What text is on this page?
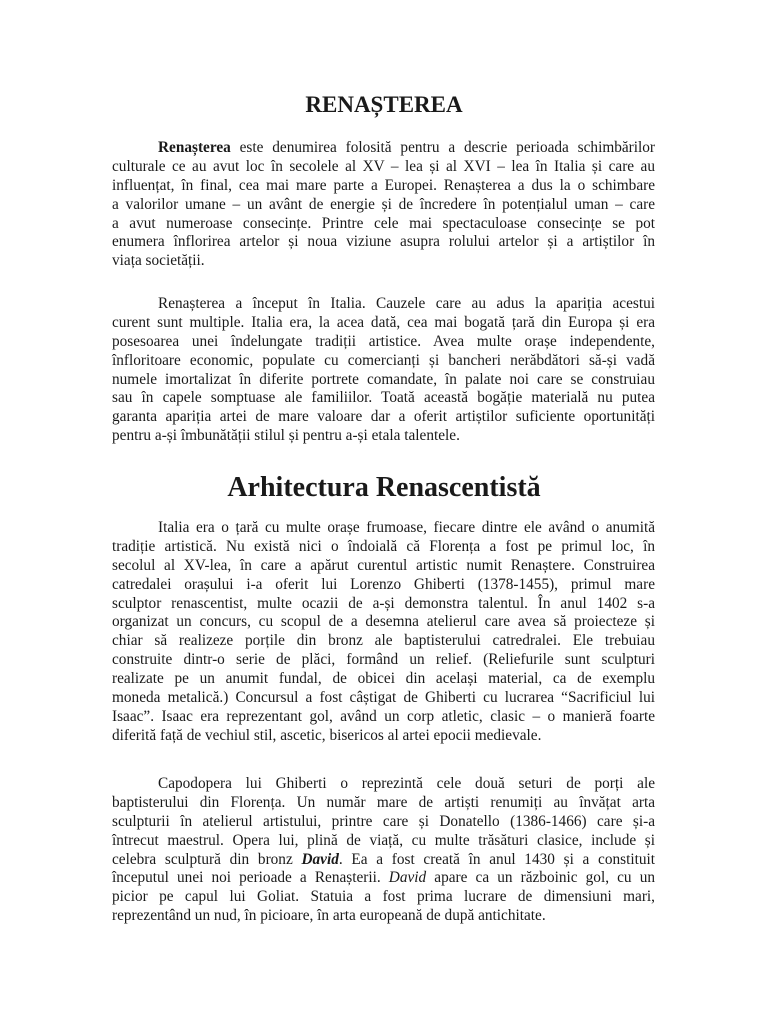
RENAȘTEREA

Renașterea este denumirea folosită pentru a descrie perioada schimbărilor
culturale ce au avut loc în secolele al XV – lea și al XVI – lea în Italia și care au
influențat, în final, cea mai mare parte a Europei. Renașterea a dus la o schimbare
a valorilor umane – un avânt de energie și de încredere în potențialul uman – care
a avut numeroase consecințe. Printre cele mai spectaculoase consecințe se pot
enumera înflorirea artelor și noua viziune asupra rolului artelor și a artiștilor în
viața societății.

Renașterea a început în Italia. Cauzele care au adus la apariția acestui
curent sunt multiple. Italia era, la acea dată, cea mai bogată țară din Europa și era
posesoarea unei îndelungate tradiții artistice. Avea multe orașe independente,
înfloritoare economic, populate cu comercianți și bancheri nerăbdători să-și vadă
numele imortalizat în diferite portrete comandate, în palate noi care se construiau
sau în capele somptuase ale familiilor. Toată această bogăție materială nu putea
garanta apariția artei de mare valoare dar a oferit artiștilor suficiente oportunități
pentru a-și îmbunătății stilul și pentru a-și etala talentele.

Arhitectura Renascentistă

Italia era o țară cu multe orașe frumoase, fiecare dintre ele având o anumită
tradiție artistică. Nu există nici o îndoială că Florența a fost pe primul loc, în
secolul al XV-lea, în care a apărut curentul artistic numit Renaștere. Construirea
catredalei orașului i-a oferit lui Lorenzo Ghiberti (1378-1455), primul mare
sculptor renascentist, multe ocazii de a-și demonstra talentul. În anul 1402 s-a
organizat un concurs, cu scopul de a desemna atelierul care avea să proiecteze și
chiar să realizeze porțile din bronz ale baptisterului catredralei. Ele trebuiau
construite dintr-o serie de plăci, formând un relief. (Reliefurile sunt sculpturi
realizate pe un anumit fundal, de obicei din același material, ca de exemplu
moneda metalică.) Concursul a fost câștigat de Ghiberti cu lucrarea “Sacrificiul lui
Isaac”. Isaac era reprezentant gol, având un corp atletic, clasic – o manieră foarte
diferită față de vechiul stil, ascetic, bisericos al artei epocii medievale.

Capodopera lui Ghiberti o reprezintă cele două seturi de porți ale
baptisterului din Florența. Un număr mare de artiști renumiți au învățat arta
sculpturii în atelierul artistului, printre care și Donatello (1386-1466) care și-a
întrecut maestrul. Opera lui, plină de viață, cu multe trăsături clasice, include și
celebra sculptură din bronz David. Ea a fost creată în anul 1430 și a constituit
începutul unei noi perioade a Renașterii. David apare ca un războinic gol, cu un
picior pe capul lui Goliat. Statuia a fost prima lucrare de dimensiuni mari,
reprezentând un nud, în picioare, în arta europeană de după antichitate.
